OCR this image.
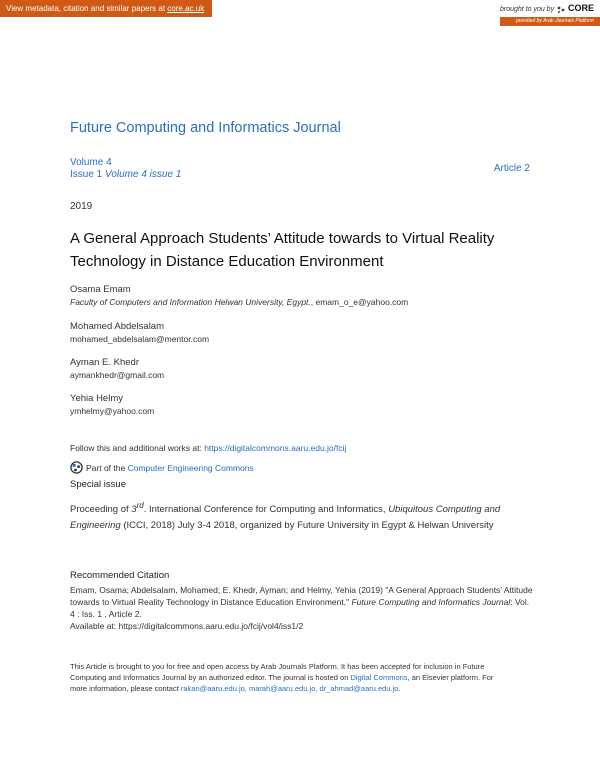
View metadata, citation and similar papers at core.ac.uk	brought to you by CORE
provided by Arab Journals Platform
Future Computing and Informatics Journal
Volume 4
Issue 1 Volume 4 issue 1
Article 2
2019
A General Approach Students’ Attitude towards to Virtual Reality Technology in Distance Education Environment
Osama Emam
Faculty of Computers and Information Helwan University, Egypt., emam_o_e@yahoo.com
Mohamed Abdelsalam
mohamed_abdelsalam@mentor.com
Ayman E. Khedr
aymankhedr@gmail.com
Yehia Helmy
ymhelmy@yahoo.com
Follow this and additional works at: https://digitalcommons.aaru.edu.jo/fcij
Part of the
Computer Engineering Commons
Special issue
Proceeding of 3rd. International Conference for Computing and Informatics, Ubiquitous Computing and Engineering (ICCI, 2018) July 3-4 2018, organized by Future University in Egypt & Helwan University
Recommended Citation
Emam, Osama; Abdelsalam, Mohamed; E. Khedr, Ayman; and Helmy, Yehia (2019) "A General Approach Students’ Attitude towards to Virtual Reality Technology in Distance Education Environment," Future Computing and Informatics Journal: Vol. 4 : Iss. 1 , Article 2.
Available at: https://digitalcommons.aaru.edu.jo/fcij/vol4/iss1/2
This Article is brought to you for free and open access by Arab Journals Platform. It has been accepted for inclusion in Future Computing and Informatics Journal by an authorized editor. The journal is hosted on Digital Commons, an Elsevier platform. For more information, please contact rakan@aaru.edu.jo, marah@aaru.edu.jo, dr_ahmad@aaru.edu.jo.
